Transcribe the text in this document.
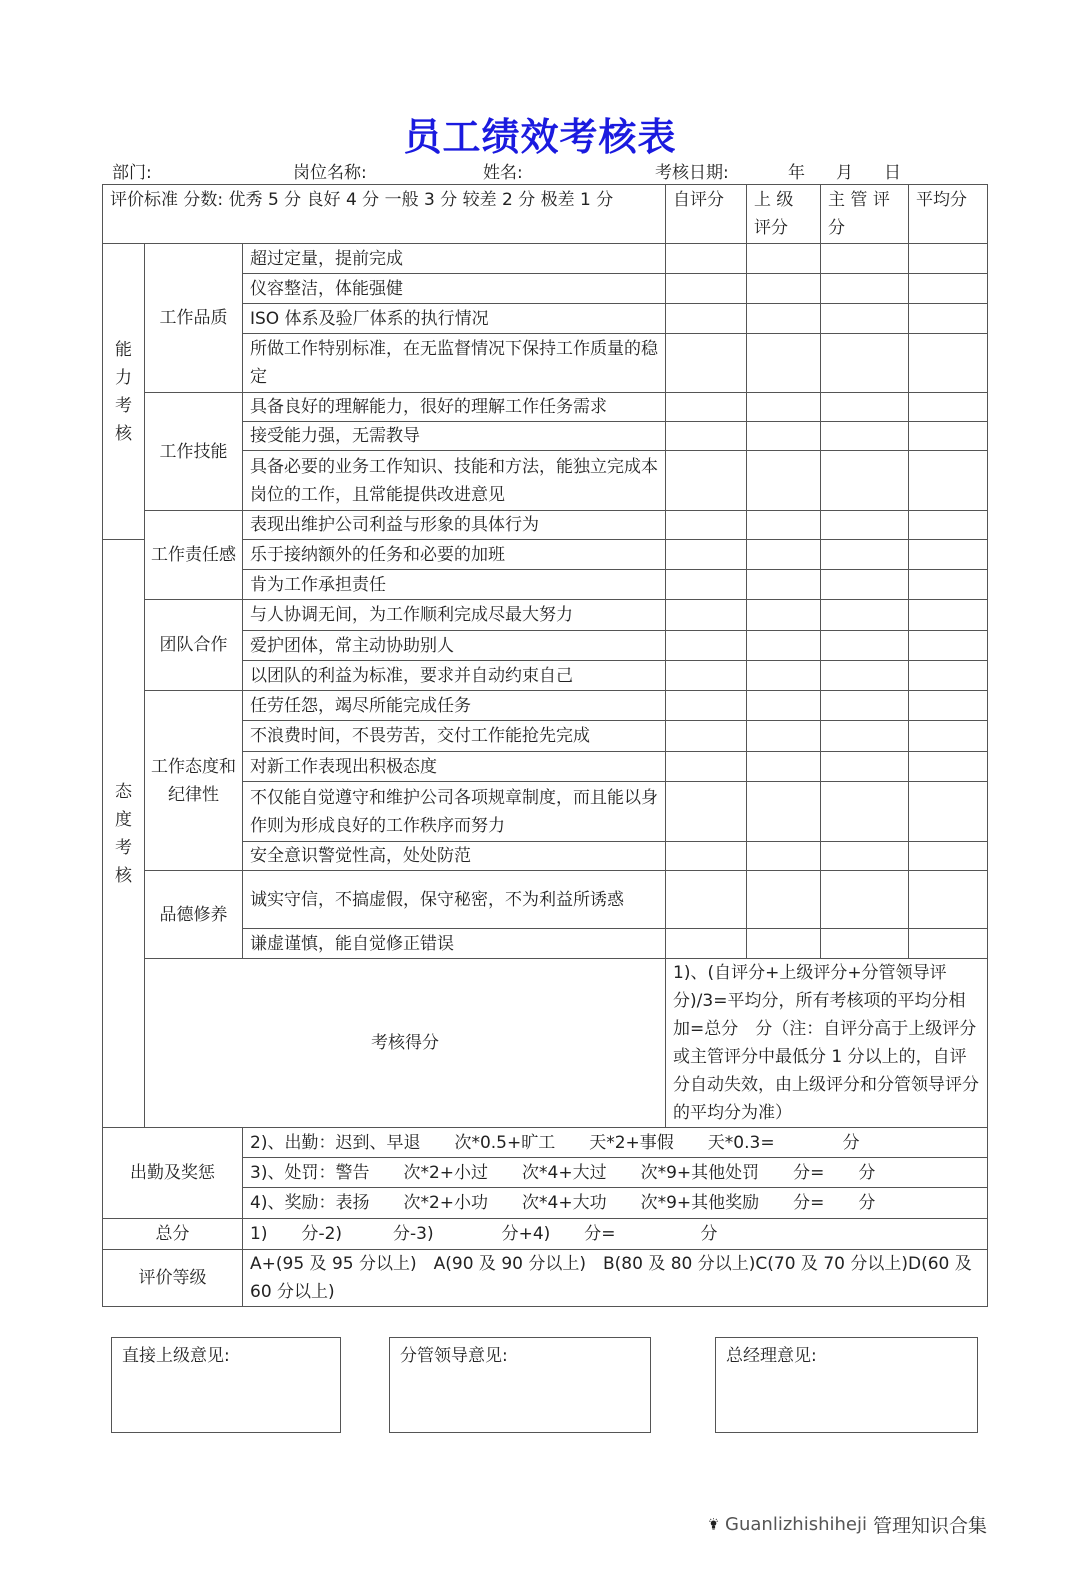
员工绩效考核表
部门:	岗位名称:	姓名:	考核日期:	年 月 日
评价标准 分数: 优秀 5 分 良好 4 分 一般 3 分 较差 2 分 极差 1 分			自评分	上 级 评分	主 管 评 分	平均分
能力考核	工作品质	超过定量，提前完成				
		仪容整洁，体能强健				
		ISO 体系及验厂体系的执行情况				
		所做工作特别标准，在无监督情况下保持工作质量的稳定				
	工作技能	具备良好的理解能力，很好的理解工作任务需求				
		接受能力强，无需教导				
		具备必要的业务工作知识、技能和方法，能独立完成本岗位的工作，且常能提供改进意见				
	工作责任感	表现出维护公司利益与形象的具体行为				
态度考核		乐于接纳额外的任务和必要的加班				
		肯为工作承担责任				
	团队合作	与人协调无间，为工作顺利完成尽最大努力				
		爱护团体，常主动协助别人				
		以团队的利益为标准，要求并自动约束自己				
	工作态度和纪律性	任劳任怨，竭尽所能完成任务				
		不浪费时间，不畏劳苦，交付工作能抢先完成				
		对新工作表现出积极态度				
		不仅能自觉遵守和维护公司各项规章制度，而且能以身作则为形成良好的工作秩序而努力				
		安全意识警觉性高，处处防范				
	品德修养	诚实守信，不搞虚假，保守秘密，不为利益所诱惑				
		谦虚谨慎，能自觉修正错误				
	考核得分		1)、(自评分+上级评分+分管领导评分)/3=平均分，所有考核项的平均分相加=总分　分（注：自评分高于上级评分或主管评分中最低分 1 分以上的，自评分自动失效，由上级评分和分管领导评分的平均分为准）			
出勤及奖惩		2)、出勤：迟到、早退　　次*0.5+旷工　　天*2+事假　　天*0.3=　　　　分				
		3)、处罚：警告　　次*2+小过　　次*4+大过　　次*9+其他处罚　　分=　　分				
		4)、奖励：表扬　　次*2+小功　　次*4+大功　　次*9+其他奖励　　分=　　分				
总分		1)　　分-2)　　　分-3)　　　　分+4)　　分=　　　　　分				
评价等级		A+(95 及 95 分以上)　A(90 及 90 分以上)　B(80 及 80 分以上)C(70 及 70 分以上)D(60 及 60 分以上)				
直接上级意见:	分管领导意见:	总经理意见:
Guanlizhishiheji 管理知识合集
